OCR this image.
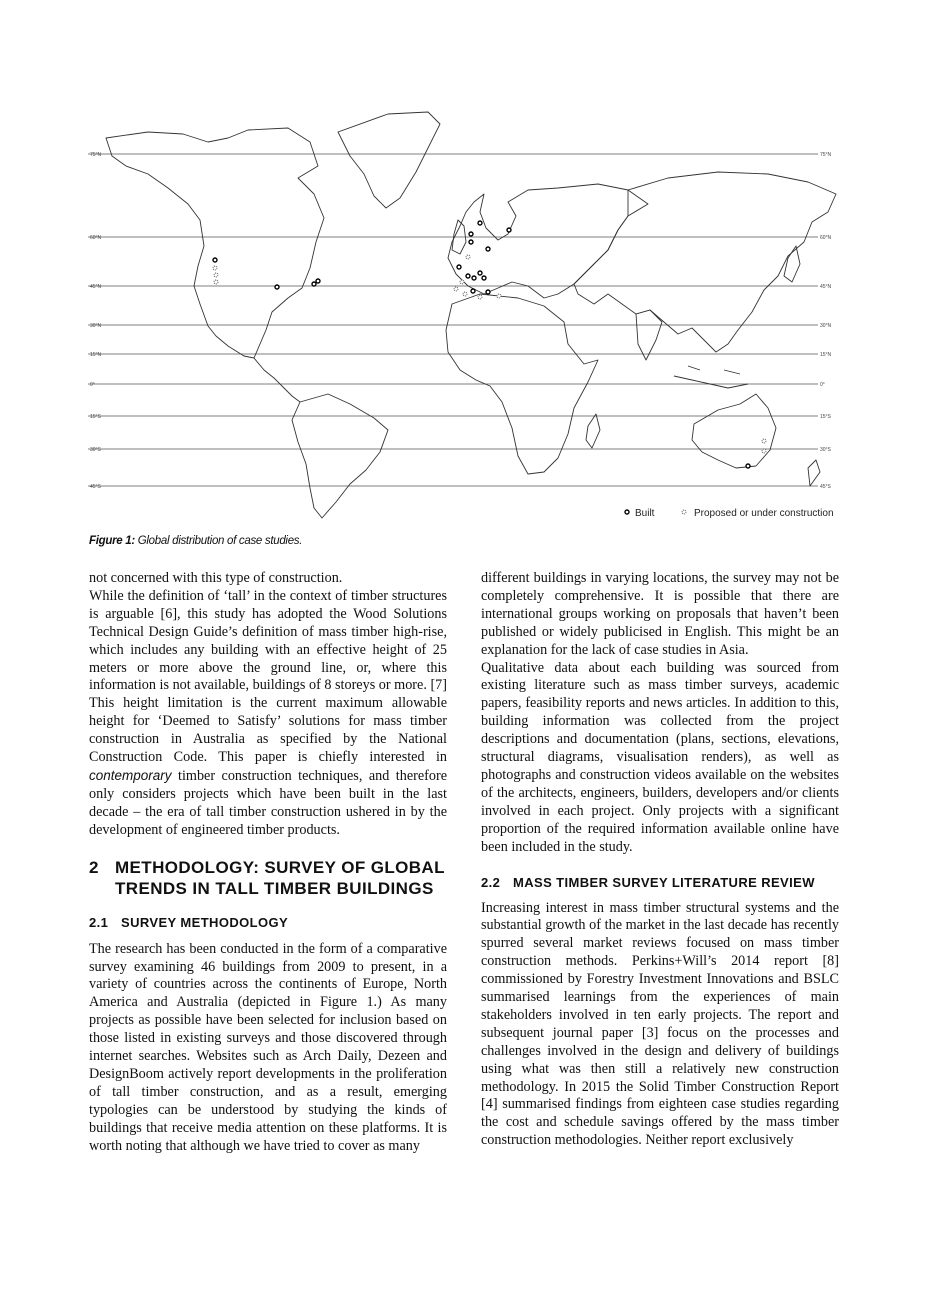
75°N	75°N
60°N	60°N
45°N	45°N
30°N	30°N
15°N	15°N
0°	0°
15°S	15°S
30°S	30°S
45°S	45°S
Built	Proposed or under construction
Figure 1: Global distribution of case studies.

not concerned with this type of construction.

While the definition of ‘tall’ in the context of timber structures is arguable [6], this study has adopted the Wood Solutions Technical Design Guide’s definition of mass timber high-rise, which includes any building with an effective height of 25 meters or more above the ground line, or, where this information is not available, buildings of 8 storeys or more. [7] This height limitation is the current maximum allowable height for ‘Deemed to Satisfy’ solutions for mass timber construction in Australia as specified by the National Construction Code. This paper is chiefly interested in contemporary timber construction techniques, and therefore only considers projects which have been built in the last decade – the era of tall timber construction ushered in by the development of engineered timber products.

2 METHODOLOGY: SURVEY OF GLOBAL TRENDS IN TALL TIMBER BUILDINGS
2.1 SURVEY METHODOLOGY

The research has been conducted in the form of a comparative survey examining 46 buildings from 2009 to present, in a variety of countries across the continents of Europe, North America and Australia (depicted in Figure 1.) As many projects as possible have been selected for inclusion based on those listed in existing surveys and those discovered through internet searches. Websites such as Arch Daily, Dezeen and DesignBoom actively report developments in the proliferation of tall timber construction, and as a result, emerging typologies can be understood by studying the kinds of buildings that receive media attention on these platforms. It is worth noting that although we have tried to cover as many

different buildings in varying locations, the survey may not be completely comprehensive. It is possible that there are international groups working on proposals that haven’t been published or widely publicised in English. This might be an explanation for the lack of case studies in Asia.

Qualitative data about each building was sourced from existing literature such as mass timber surveys, academic papers, feasibility reports and news articles. In addition to this, building information was collected from the project descriptions and documentation (plans, sections, elevations, structural diagrams, visualisation renders), as well as photographs and construction videos available on the websites of the architects, engineers, builders, developers and/or clients involved in each project. Only projects with a significant proportion of the required information available online have been included in the study.

2.2 MASS TIMBER SURVEY LITERATURE REVIEW

Increasing interest in mass timber structural systems and the substantial growth of the market in the last decade has recently spurred several market reviews focused on mass timber construction methods. Perkins+Will’s 2014 report [8] commissioned by Forestry Investment Innovations and BSLC summarised learnings from the experiences of main stakeholders involved in ten early projects. The report and subsequent journal paper [3] focus on the processes and challenges involved in the design and delivery of buildings using what was then still a relatively new construction methodology. In 2015 the Solid Timber Construction Report [4] summarised findings from eighteen case studies regarding the cost and schedule savings offered by the mass timber construction methodologies. Neither report exclusively
